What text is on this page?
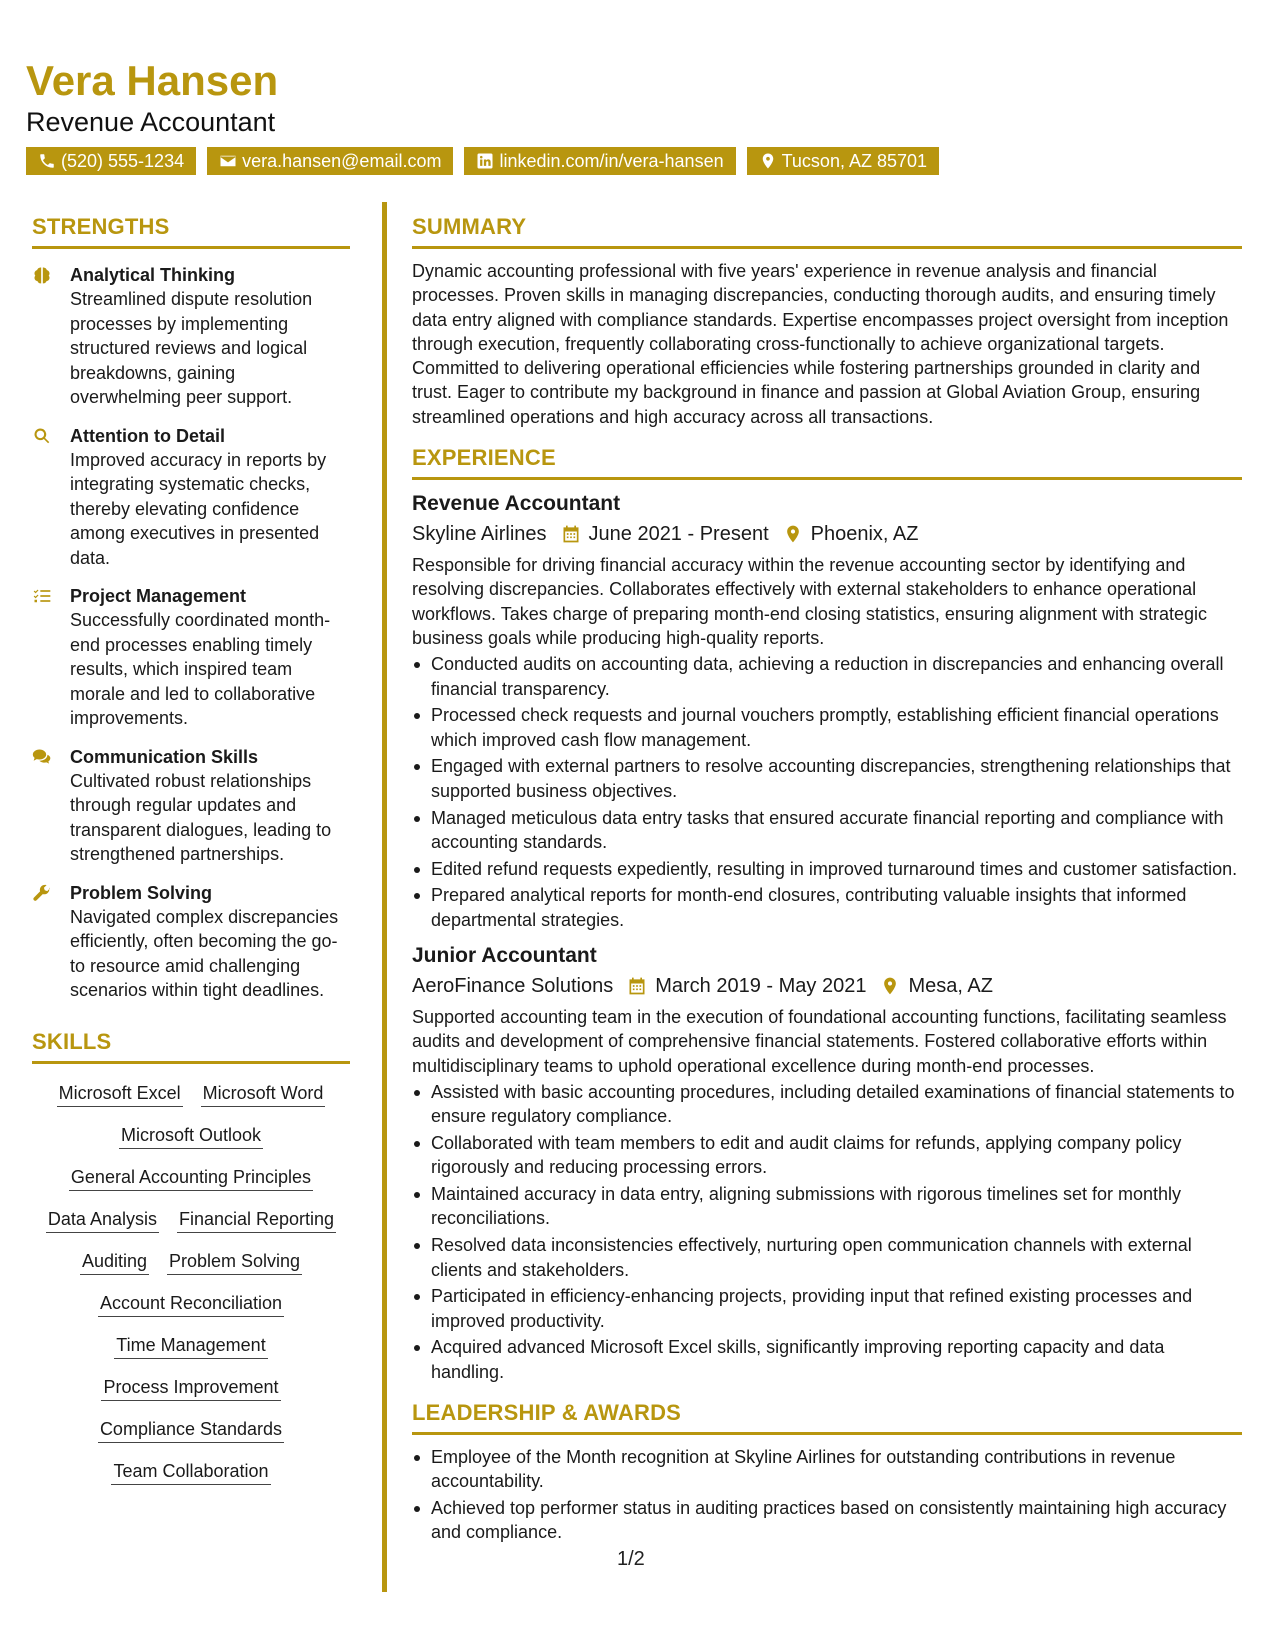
Vera Hansen
Revenue Accountant
(520) 555-1234	vera.hansen@email.com	linkedin.com/in/vera-hansen	Tucson, AZ 85701
STRENGTHS
Analytical Thinking
Streamlined dispute resolution processes by implementing structured reviews and logical breakdowns, gaining overwhelming peer support.
Attention to Detail
Improved accuracy in reports by integrating systematic checks, thereby elevating confidence among executives in presented data.
Project Management
Successfully coordinated month-end processes enabling timely results, which inspired team morale and led to collaborative improvements.
Communication Skills
Cultivated robust relationships through regular updates and transparent dialogues, leading to strengthened partnerships.
Problem Solving
Navigated complex discrepancies efficiently, often becoming the go-to resource amid challenging scenarios within tight deadlines.
SKILLS
Microsoft Excel Microsoft Word
Microsoft Outlook
General Accounting Principles
Data Analysis Financial Reporting
Auditing Problem Solving
Account Reconciliation
Time Management
Process Improvement
Compliance Standards
Team Collaboration
SUMMARY
Dynamic accounting professional with five years' experience in revenue analysis and financial processes. Proven skills in managing discrepancies, conducting thorough audits, and ensuring timely data entry aligned with compliance standards. Expertise encompasses project oversight from inception through execution, frequently collaborating cross-functionally to achieve organizational targets. Committed to delivering operational efficiencies while fostering partnerships grounded in clarity and trust. Eager to contribute my background in finance and passion at Global Aviation Group, ensuring streamlined operations and high accuracy across all transactions.
EXPERIENCE
Revenue Accountant
Skyline Airlines June 2021 - Present Phoenix, AZ
Responsible for driving financial accuracy within the revenue accounting sector by identifying and resolving discrepancies. Collaborates effectively with external stakeholders to enhance operational workflows. Takes charge of preparing month-end closing statistics, ensuring alignment with strategic business goals while producing high-quality reports.
Conducted audits on accounting data, achieving a reduction in discrepancies and enhancing overall financial transparency.
Processed check requests and journal vouchers promptly, establishing efficient financial operations which improved cash flow management.
Engaged with external partners to resolve accounting discrepancies, strengthening relationships that supported business objectives.
Managed meticulous data entry tasks that ensured accurate financial reporting and compliance with accounting standards.
Edited refund requests expediently, resulting in improved turnaround times and customer satisfaction.
Prepared analytical reports for month-end closures, contributing valuable insights that informed departmental strategies.
Junior Accountant
AeroFinance Solutions March 2019 - May 2021 Mesa, AZ
Supported accounting team in the execution of foundational accounting functions, facilitating seamless audits and development of comprehensive financial statements. Fostered collaborative efforts within multidisciplinary teams to uphold operational excellence during month-end processes.
Assisted with basic accounting procedures, including detailed examinations of financial statements to ensure regulatory compliance.
Collaborated with team members to edit and audit claims for refunds, applying company policy rigorously and reducing processing errors.
Maintained accuracy in data entry, aligning submissions with rigorous timelines set for monthly reconciliations.
Resolved data inconsistencies effectively, nurturing open communication channels with external clients and stakeholders.
Participated in efficiency-enhancing projects, providing input that refined existing processes and improved productivity.
Acquired advanced Microsoft Excel skills, significantly improving reporting capacity and data handling.
LEADERSHIP & AWARDS
Employee of the Month recognition at Skyline Airlines for outstanding contributions in revenue accountability.
Achieved top performer status in auditing practices based on consistently maintaining high accuracy and compliance.
1/2
